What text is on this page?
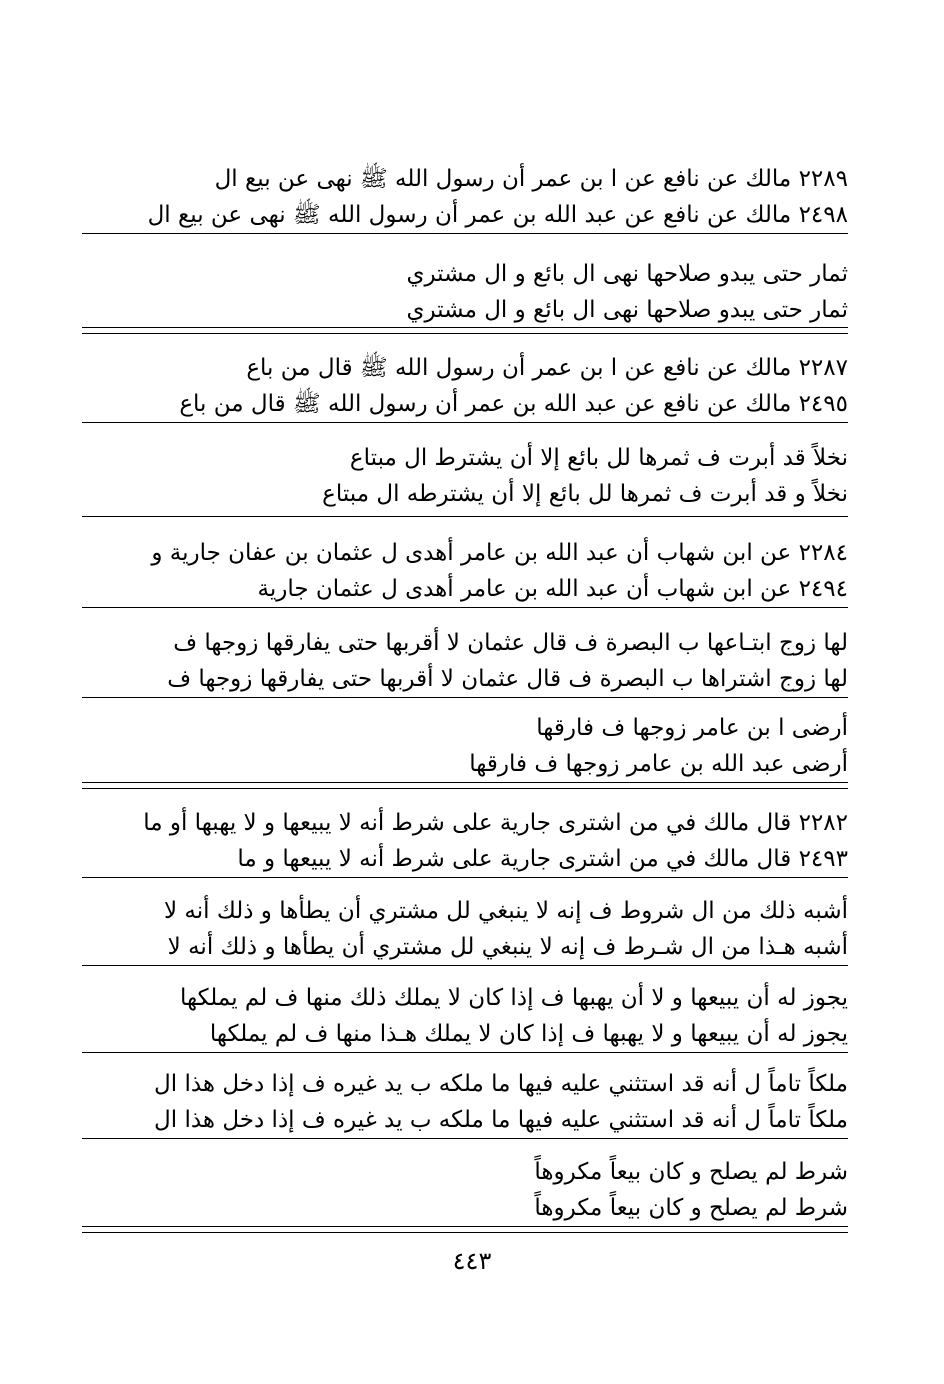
٢٢٨٩ مالك عن نافع عن ا بن عمر أن رسول الله ﷺ نهى عن بيع ال
٢٤٩٨ مالك عن نافع عن عبد الله بن عمر أن رسول الله ﷺ نهى عن بيع ال
ثمار حتى يبدو صلاحها نهى ال بائع و ال مشتري
ثمار حتى يبدو صلاحها نهى ال بائع و ال مشتري
٢٢٨٧ مالك عن نافع عن ا بن عمر أن رسول الله ﷺ قال من باع
٢٤٩٥ مالك عن نافع عن عبد الله بن عمر أن رسول الله ﷺ قال من باع
نخلاً قد أبرت ف ثمرها لل بائع إلا أن يشترط ال مبتاع
نخلاً و قد أبرت ف ثمرها لل بائع إلا أن يشترطه ال مبتاع
٢٢٨٤ عن ابن شهاب أن عبد الله بن عامر أهدى ل عثمان بن عفان جارية و
٢٤٩٤ عن ابن شهاب أن عبد الله بن عامر أهدى ل عثمان جارية
لها زوج ابتـاعها ب البصرة ف قال عثمان لا أقربها حتى يفارقها زوجها ف
لها زوج اشتراها ب البصرة ف قال عثمان لا أقربها حتى يفارقها زوجها ف
أرضى ا بن عامر زوجها ف فارقها
أرضى عبد الله بن عامر زوجها ف فارقها
٢٢٨٢ قال مالك في من اشترى جارية على شرط أنه لا يبيعها و لا يهبها أو ما
٢٤٩٣ قال مالك في من اشترى جارية على شرط أنه لا يبيعها و ما
أشبه ذلك من ال شروط ف إنه لا ينبغي لل مشتري أن يطأها و ذلك أنه لا
أشبه هـذا من ال شـرط ف إنه لا ينبغي لل مشتري أن يطأها و ذلك أنه لا
يجوز له أن يبيعها و لا أن يهبها ف إذا كان لا يملك ذلك منها ف لم يملكها
يجوز له أن يبيعها و لا يهبها ف إذا كان لا يملك هـذا منها ف لم يملكها
ملكاً تاماً ل أنه قد استثني عليه فيها ما ملكه ب يد غيره ف إذا دخل هذا ال
ملكاً تاماً ل أنه قد استثني عليه فيها ما ملكه ب يد غيره ف إذا دخل هذا ال
شرط لم يصلح و كان بيعاً مكروهاً
شرط لم يصلح و كان بيعاً مكروهاً
٤٤٣
